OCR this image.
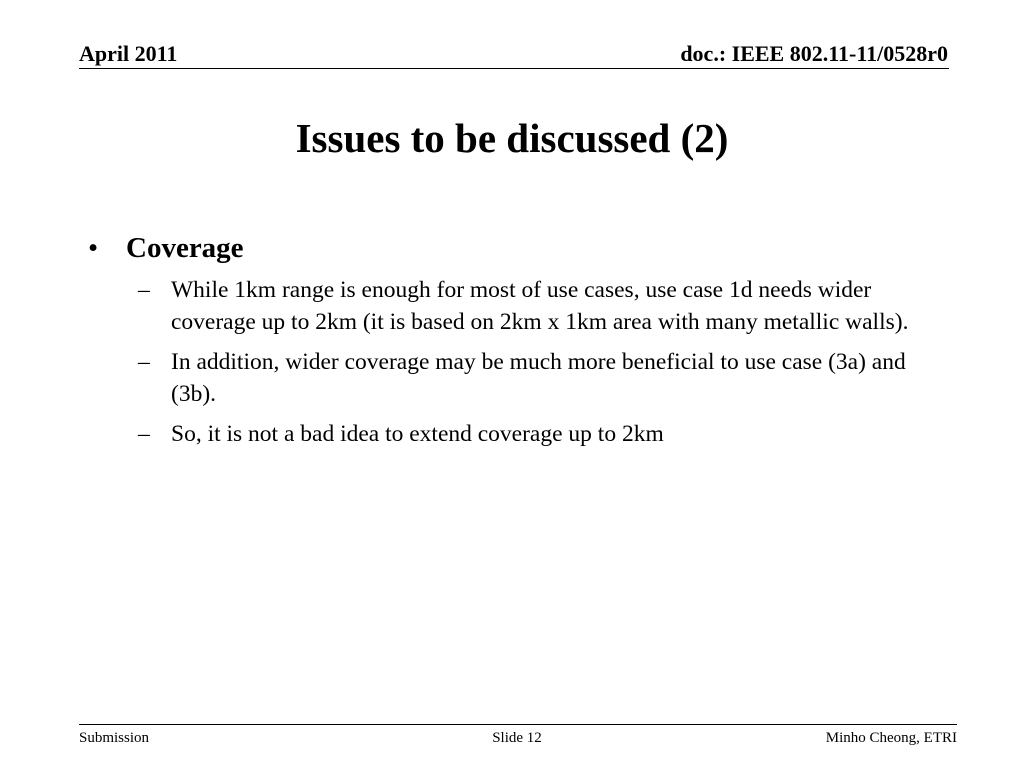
April 2011	doc.: IEEE 802.11-11/0528r0
Issues to be discussed (2)
• Coverage
– While 1km range is enough for most of use cases, use case 1d needs wider coverage up to 2km (it is based on 2km x 1km area with many metallic walls).
– In addition, wider coverage may be much more beneficial to use case (3a) and (3b).
– So, it is not a bad idea to extend coverage up to 2km
Submission	Slide 12	Minho Cheong, ETRI
